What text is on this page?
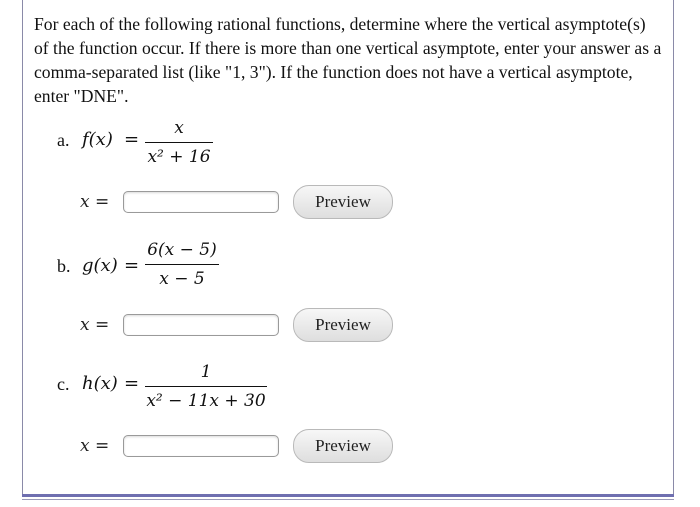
For each of the following rational functions, determine where the vertical asymptote(s) of the function occur. If there is more than one vertical asymptote, enter your answer as a comma-separated list (like "1, 3"). If the function does not have a vertical asymptote, enter "DNE".
a. f(x) =
x
x² + 16
x =	Preview
b. g(x) =
6(x − 5)
x − 5
x =	Preview
c. h(x) =
1
x² − 11x + 30
x =	Preview
